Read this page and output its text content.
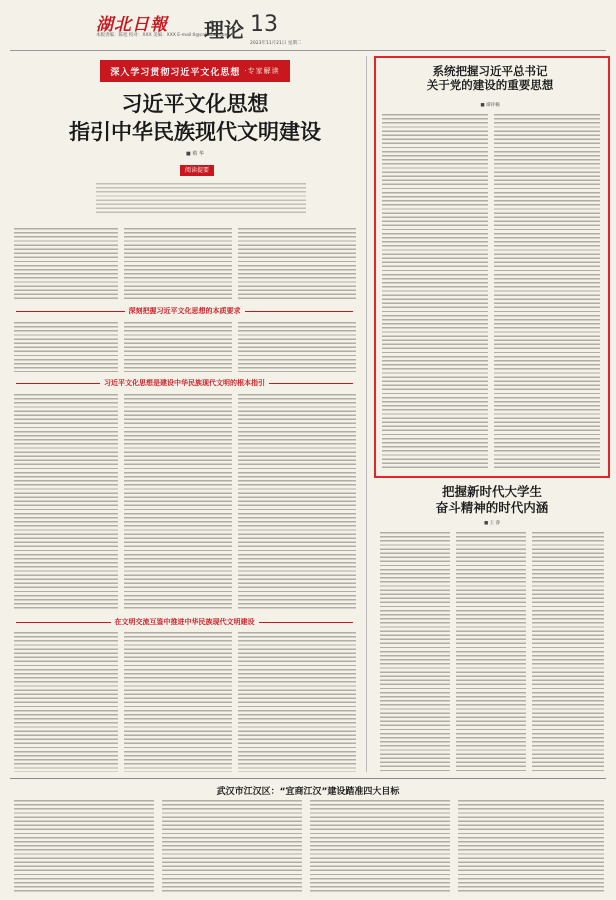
湖北日報
本版责编：陈旭 校对：XXX 美编：XXX E-mail:ll@cnhubei.com
理论 13
2023年11月21日 星期二
深入学习贯彻习近平文化思想 ·专家解读
习近平文化思想
指引中华民族现代文明建设
■ 蔡 华
阅读提要
深刻把握习近平文化思想的本质要求
习近平文化思想是建设中华民族现代文明的根本指引
在文明交流互鉴中推进中华民族现代文明建设
系统把握习近平总书记
关于党的建设的重要思想
■ 谭祥楠
把握新时代大学生
奋斗精神的时代内涵
■ 王 睿
武汉市江汉区：“宜商江汉”建设踏准四大目标
